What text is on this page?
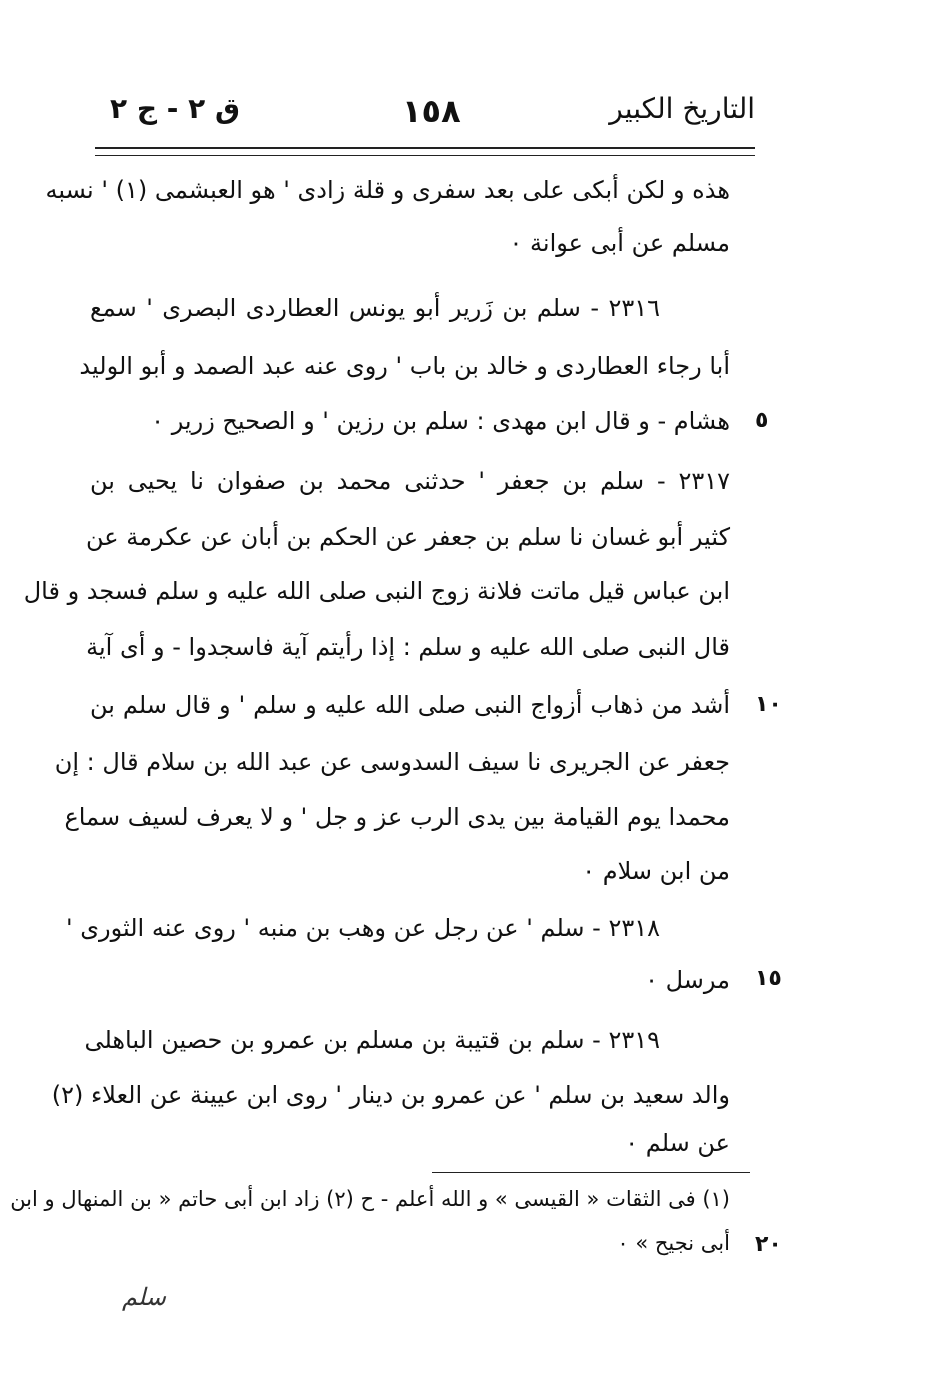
التاريخ الكبير
١٥٨
ق ٢ - ج ٢
هذه و لكن أبكى على بعد سفرى و قلة زادى ' هو العبشمى (١) ' نسبه
مسلم عن أبى عوانة ٠
٢٣١٦ - سلم بن زَرير أبو يونس العطاردى البصرى ' سمع
أبا رجاء العطاردى و خالد بن باب ' روى عنه عبد الصمد و أبو الوليد
هشام - و قال ابن مهدى : سلم بن رزين ' و الصحيح زرير ٠ ٥
٢٣١٧ - سلم بن جعفر ' حدثنى محمد بن صفوان نا يحيى بن
كثير أبو غسان نا سلم بن جعفر عن الحكم بن أبان عن عكرمة عن
ابن عباس قيل ماتت فلانة زوج النبى صلى الله عليه و سلم فسجد و قال
قال النبى صلى الله عليه و سلم : إذا رأيتم آية فاسجدوا - و أى آية
أشد من ذهاب أزواج النبى صلى الله عليه و سلم ' و قال سلم بن ١٠
جعفر عن الجريرى نا سيف السدوسى عن عبد الله بن سلام قال : إن
محمدا يوم القيامة بين يدى الرب عز و جل ' و لا يعرف لسيف سماع
من ابن سلام ٠
٢٣١٨ - سلم ' عن رجل عن وهب بن منبه ' روى عنه الثورى '
مرسل ٠ ١٥
٢٣١٩ - سلم بن قتيبة بن مسلم بن عمرو بن حصين الباهلى
والد سعيد بن سلم ' عن عمرو بن دينار ' روى ابن عيينة عن العلاء (٢)
عن سلم ٠
(١) فى الثقات « القيسى » و الله أعلم - ح (٢) زاد ابن أبى حاتم « بن المنهال و ابن
أبى نجيح » ٠ ٢٠
سلم
